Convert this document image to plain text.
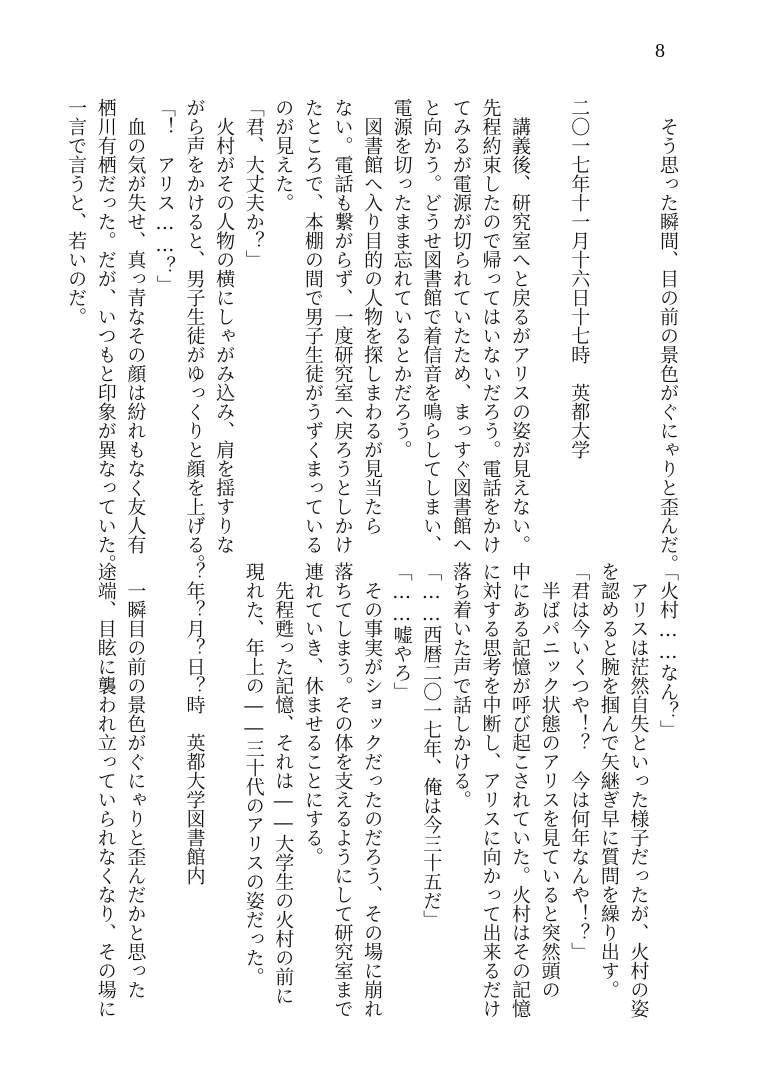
8
　そう思った瞬間、目の前の景色がぐにゃりと歪んだ。

二〇一七年十一月十六日十七時　英都大学

　講義後、研究室へと戻るがアリスの姿が見えない。
先程約束したので帰ってはいないだろう。電話をかけ
てみるが電源が切られていたため、まっすぐ図書館へ
と向かう。どうせ図書館で着信音を鳴らしてしまい、
電源を切ったまま忘れているとかだろう。
　図書館へ入り目的の人物を探しまわるが見当たら
ない。電話も繋がらず、一度研究室へ戻ろうとしかけ
たところで、本棚の間で男子生徒がうずくまっている
のが見えた。
「君、大丈夫か？」
　火村がその人物の横にしゃがみ込み、肩を揺すりな
がら声をかけると、男子生徒がゆっくりと顔を上げる。
「！　アリス……？」
　血の気が失せ、真っ青なその顔は紛れもなく友人有
栖川有栖だった。だが、いつもと印象が異なっていた。
一言で言うと、若いのだ。
「火村……なん？」
　アリスは茫然自失といった様子だったが、火村の姿
を認めると腕を掴んで矢継ぎ早に質問を繰り出す。
「君は今いくつや！？　今は何年なんや！？」
　半ばパニック状態のアリスを見ていると突然頭の
中にある記憶が呼び起こされていた。火村はその記憶
に対する思考を中断し、アリスに向かって出来るだけ
落ち着いた声で話しかける。
「……西暦二〇一七年、俺は今三十五だ」
「……嘘やろ」
　その事実がショックだったのだろう、その場に崩れ
落ちてしまう。その体を支えるようにして研究室まで
連れていき、休ませることにする。
　先程甦った記憶、それは――大学生の火村の前に
現れた、年上の――三十代のアリスの姿だった。

？年？月？日？時　英都大学図書館内

　一瞬目の前の景色がぐにゃりと歪んだかと思った
途端、目眩に襲われ立っていられなくなり、その場に
